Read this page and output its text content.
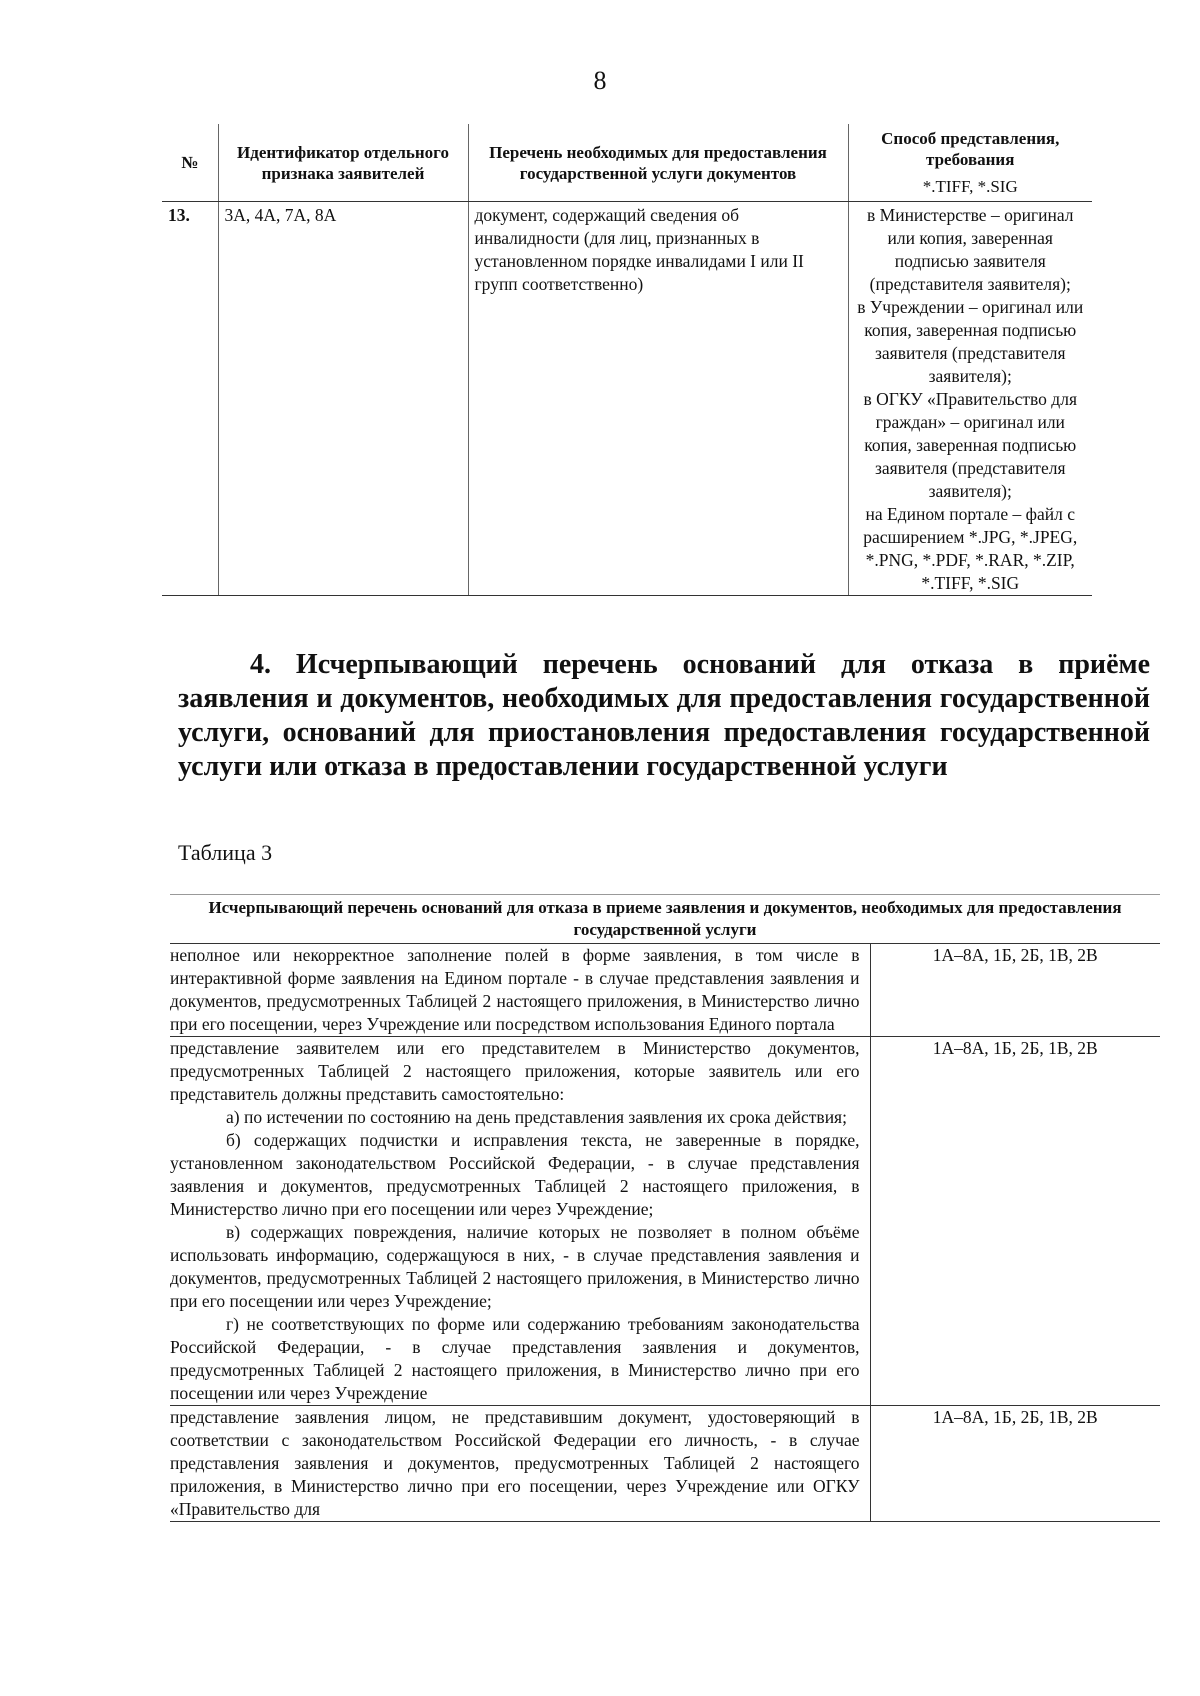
8
№	Идентификатор отдельного признака заявителей	Перечень необходимых для предоставления государственной услуги документов	Способ представления, требования
*.TIFF, *.SIG

13.	3А, 4А, 7А, 8А	документ, содержащий сведения об инвалидности (для лиц, признанных в установленном порядке инвалидами I или II групп соответственно)	в Министерстве – оригинал или копия, заверенная подписью заявителя (представителя заявителя);
в Учреждении – оригинал или копия, заверенная подписью заявителя (представителя заявителя);
в ОГКУ «Правительство для граждан» – оригинал или копия, заверенная подписью заявителя (представителя заявителя);
на Едином портале – файл с расширением *.JPG, *.JPEG, *.PNG, *.PDF, *.RAR, *.ZIP, *.TIFF, *.SIG
4. Исчерпывающий перечень оснований для отказа в приёме заявления и документов, необходимых для предоставления государственной услуги, оснований для приостановления предоставления государственной услуги или отказа в предоставлении государственной услуги
Таблица 3
Исчерпывающий перечень оснований для отказа в приеме заявления и документов, необходимых для предоставления государственной услуги	

неполное или некорректное заполнение полей в форме заявления, в том числе в интерактивной форме заявления на Едином портале - в случае представления заявления и документов, предусмотренных Таблицей 2 настоящего приложения, в Министерство лично при его посещении, через Учреждение или посредством использования Единого портала	1А–8А, 1Б, 2Б, 1В, 2В

представление заявителем или его представителем в Министерство документов, предусмотренных Таблицей 2 настоящего приложения, которые заявитель или его представитель должны представить самостоятельно:
а) по истечении по состоянию на день представления заявления их срока действия;
б) содержащих подчистки и исправления текста, не заверенные в порядке, установленном законодательством Российской Федерации, - в случае представления заявления и документов, предусмотренных Таблицей 2 настоящего приложения, в Министерство лично при его посещении или через Учреждение;
в) содержащих повреждения, наличие которых не позволяет в полном объёме использовать информацию, содержащуюся в них, - в случае представления заявления и документов, предусмотренных Таблицей 2 настоящего приложения, в Министерство лично при его посещении или через Учреждение;
г) не соответствующих по форме или содержанию требованиям законодательства Российской Федерации, - в случае представления заявления и документов, предусмотренных Таблицей 2 настоящего приложения, в Министерство лично при его посещении или через Учреждение	1А–8А, 1Б, 2Б, 1В, 2В

представление заявления лицом, не представившим документ, удостоверяющий в соответствии с законодательством Российской Федерации его личность, - в случае представления заявления и документов, предусмотренных Таблицей 2 настоящего приложения, в Министерство лично при его посещении, через Учреждение или ОГКУ «Правительство для	1А–8А, 1Б, 2Б, 1В, 2В
